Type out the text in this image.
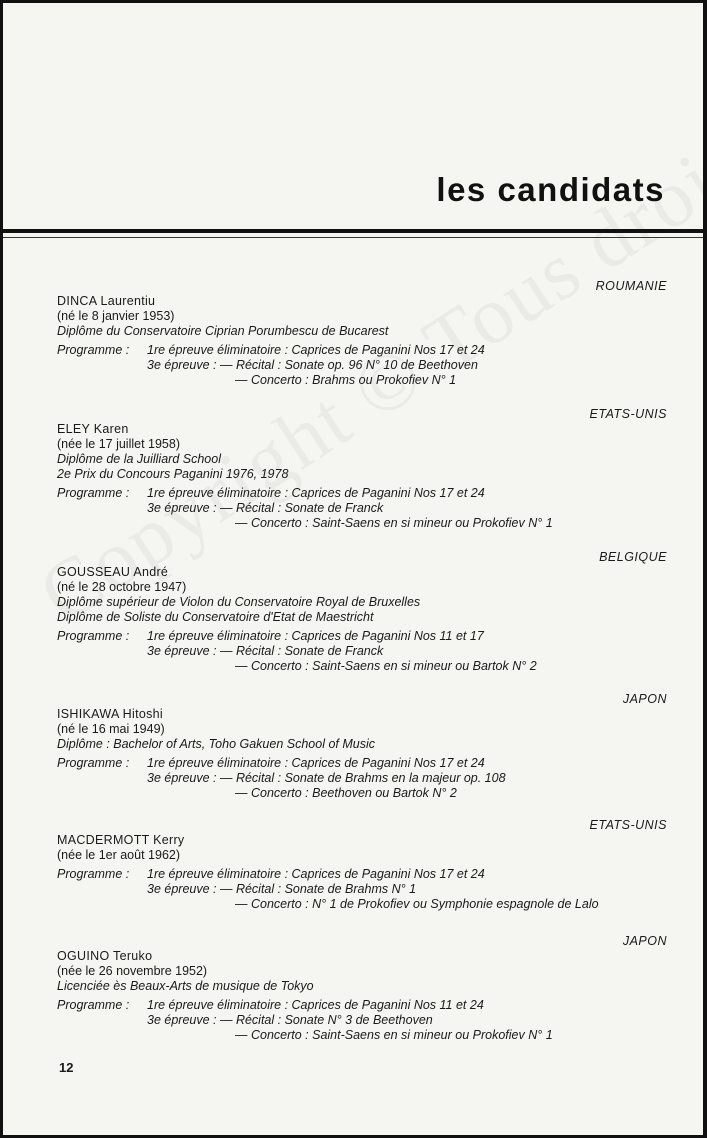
les candidats
ROUMANIE
DINCA Laurentiu
(né le 8 janvier 1953)
Diplôme du Conservatoire Ciprian Porumbescu de Bucarest
Programme :	1re épreuve éliminatoire : Caprices de Paganini Nos 17 et 24
3e épreuve : — Récital : Sonate op. 96 N° 10 de Beethoven
— Concerto : Brahms ou Prokofiev N° 1
ETATS-UNIS
ELEY Karen
(née le 17 juillet 1958)
Diplôme de la Juilliard School
2e Prix du Concours Paganini 1976, 1978
Programme :	1re épreuve éliminatoire : Caprices de Paganini Nos 17 et 24
3e épreuve : — Récital : Sonate de Franck
— Concerto : Saint-Saens en si mineur ou Prokofiev N° 1
BELGIQUE
GOUSSEAU André
(né le 28 octobre 1947)
Diplôme supérieur de Violon du Conservatoire Royal de Bruxelles
Diplôme de Soliste du Conservatoire d'Etat de Maestricht
Programme :	1re épreuve éliminatoire : Caprices de Paganini Nos 11 et 17
3e épreuve : — Récital : Sonate de Franck
— Concerto : Saint-Saens en si mineur ou Bartok N° 2
JAPON
ISHIKAWA Hitoshi
(né le 16 mai 1949)
Diplôme : Bachelor of Arts, Toho Gakuen School of Music
Programme :	1re épreuve éliminatoire : Caprices de Paganini Nos 17 et 24
3e épreuve : — Récital : Sonate de Brahms en la majeur op. 108
— Concerto : Beethoven ou Bartok N° 2
ETATS-UNIS
MACDERMOTT Kerry
(née le 1er août 1962)
Programme :	1re épreuve éliminatoire : Caprices de Paganini Nos 17 et 24
3e épreuve : — Récital : Sonate de Brahms N° 1
— Concerto : N° 1 de Prokofiev ou Symphonie espagnole de Lalo
JAPON
OGUINO Teruko
(née le 26 novembre 1952)
Licenciée ès Beaux-Arts de musique de Tokyo
Programme :	1re épreuve éliminatoire : Caprices de Paganini Nos 11 et 24
3e épreuve : — Récital : Sonate N° 3 de Beethoven
— Concerto : Saint-Saens en si mineur ou Prokofiev N° 1
12
